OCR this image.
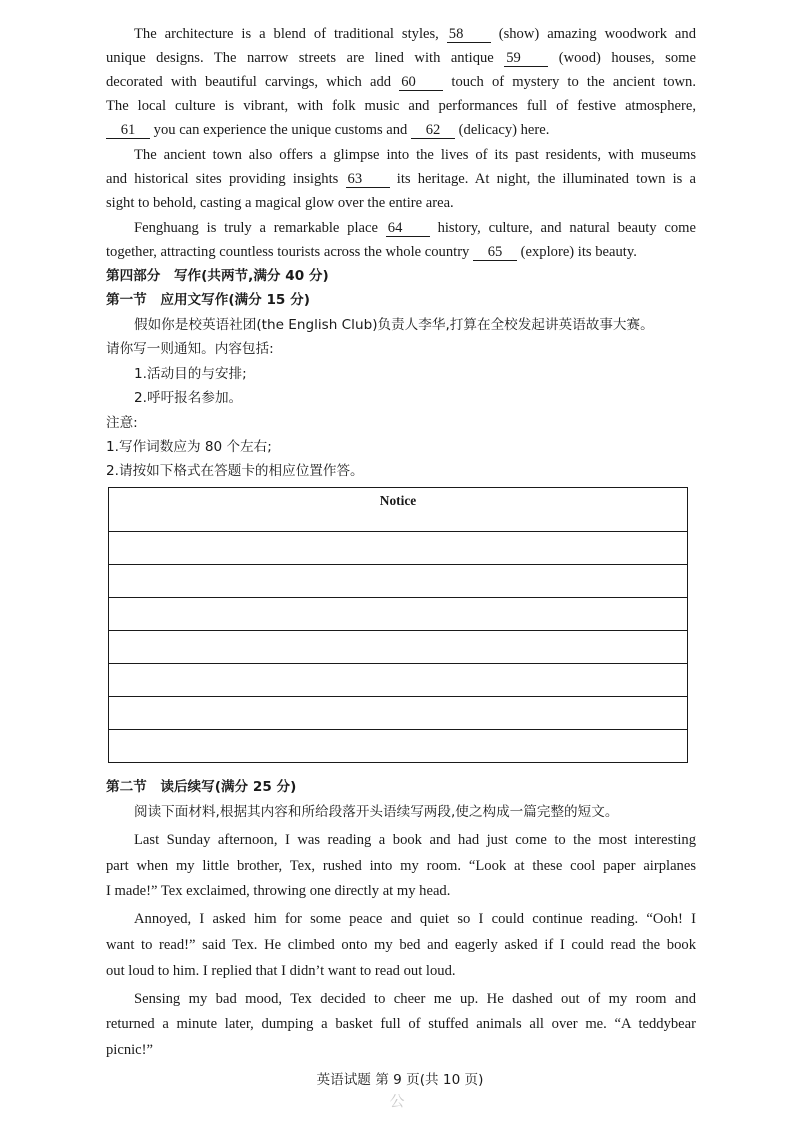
The architecture is a blend of traditional styles, 58 (show) amazing woodwork and
unique designs. The narrow streets are lined with antique 59	(wood) houses, some
decorated with beautiful carvings, which add 60 touch of mystery to the ancient town.
The local culture is vibrant, with folk music and performances full of festive atmosphere,
61 you can experience the unique customs and 62 (delicacy) here.
The ancient town also offers a glimpse into the lives of its past residents, with museums
and historical sites providing insights 63 its heritage. At night, the illuminated town is a
sight to behold, casting a magical glow over the entire area.
Fenghuang is truly a remarkable place 64 history, culture, and natural beauty come
together, attracting countless tourists across the whole country 65 (explore) its beauty.
第四部分　写作(共两节,满分 40 分)
第一节　应用文写作(满分 15 分)
假如你是校英语社团(the English Club)负责人李华,打算在全校发起讲英语故事大赛。
请你写一则通知。内容包括:
1.活动目的与安排;
2.呼吁报名参加。
注意:
1.写作词数应为 80 个左右;
2.请按如下格式在答题卡的相应位置作答。
Notice
第二节　读后续写(满分 25 分)
阅读下面材料,根据其内容和所给段落开头语续写两段,使之构成一篇完整的短文。
Last Sunday afternoon, I was reading a book and had just come to the most interesting
part when my little brother, Tex, rushed into my room. “Look at these cool paper airplanes
I made!” Tex exclaimed, throwing one directly at my head.
Annoyed, I asked him for some peace and quiet so I could continue reading. “Ooh! I
want to read!” said Tex. He climbed onto my bed and eagerly asked if I could read the book
out loud to him. I replied that I didn’t want to read out loud.
Sensing my bad mood, Tex decided to cheer me up. He dashed out of my room and
returned a minute later, dumping a basket full of stuffed animals all over me. “A teddybear
picnic!”
英语试题 第 9 页(共 10 页)
公
